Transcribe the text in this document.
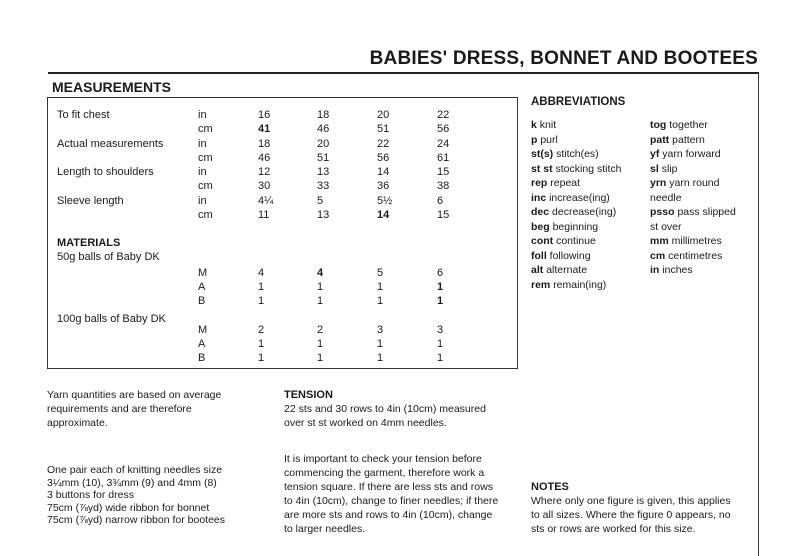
BABIES' DRESS, BONNET AND BOOTEES
MEASUREMENTS
To fit chest	in	16	18	20	22
cm	41	46	51	56
Actual measurements	in	18	20	22	24
cm	46	51	56	61
Length to shoulders	in	12	13	14	15
cm	30	33	36	38
Sleeve length	in	4¼	5	5½	6
cm	11	13	14	15
MATERIALS
50g balls of Baby DK
M	4	4	5	6
A	1	1	1	1
B	1	1	1	1
100g balls of Baby DK
M	2	2	3	3
A	1	1	1	1
B	1	1	1	1
ABBREVIATIONS
k knit
p purl
st(s) stitch(es)
st st stocking stitch
rep repeat
inc increase(ing)
dec decrease(ing)
beg beginning
cont continue
foll following
alt alternate
rem remain(ing)
tog together
patt pattern
yf yarn forward
sl slip
yrn yarn round
needle
psso pass slipped
st over
mm millimetres
cm centimetres
in inches
Yarn quantities are based on average
requirements and are therefore
approximate.
One pair each of knitting needles size
3¼mm (10), 3¾mm (9) and 4mm (8)
3 buttons for dress
75cm (⅞yd) wide ribbon for bonnet
75cm (⅞yd) narrow ribbon for bootees
TENSION
22 sts and 30 rows to 4in (10cm) measured
over st st worked on 4mm needles.
It is important to check your tension before
commencing the garment, therefore work a
tension square. If there are less sts and rows
to 4in (10cm), change to finer needles; if there
are more sts and rows to 4in (10cm), change
to larger needles.
NOTES
Where only one figure is given, this applies
to all sizes. Where the figure 0 appears, no
sts or rows are worked for this size.
